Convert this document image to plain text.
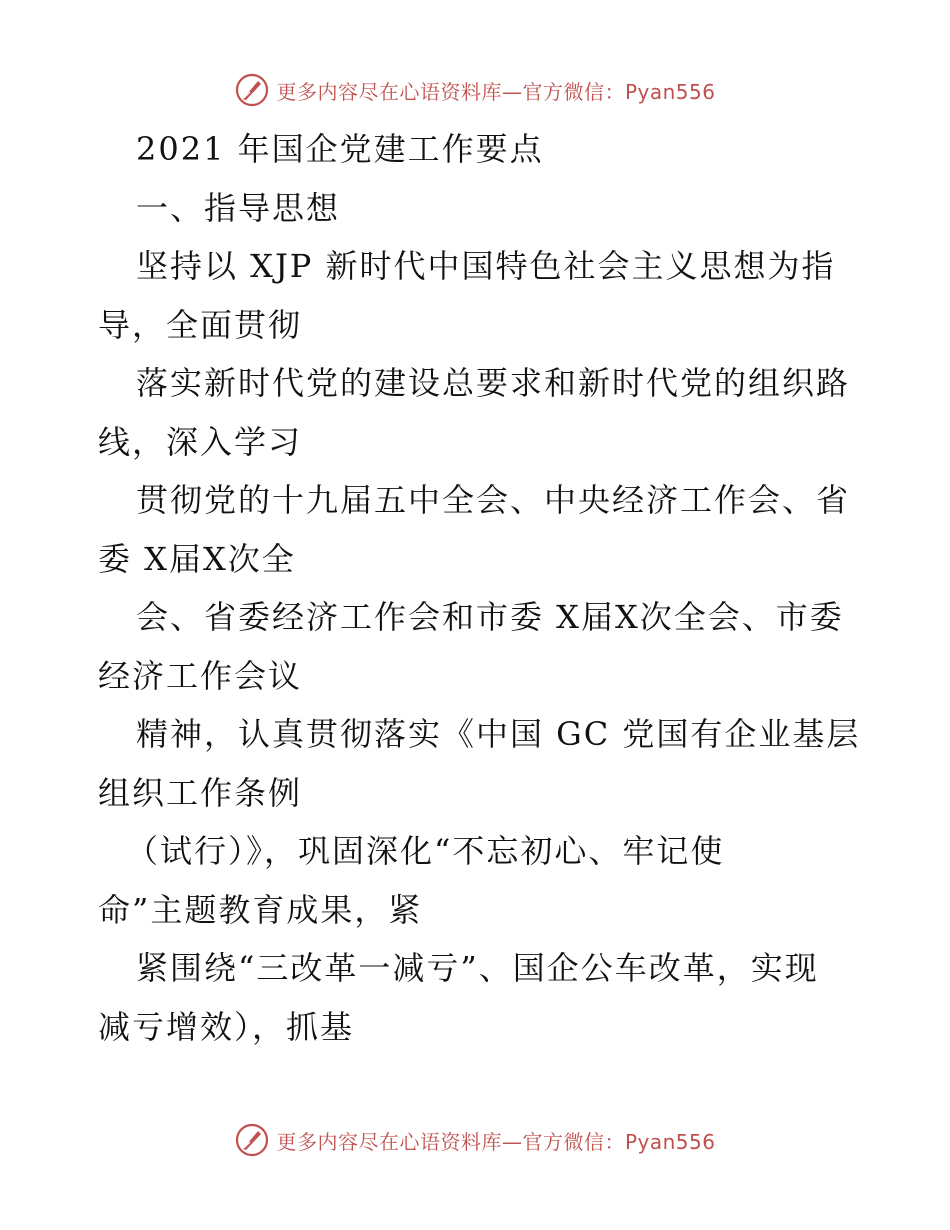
更多内容尽在心语资料库—官方微信：Pyan556
2021 年国企党建工作要点
一、指导思想
坚持以 XJP 新时代中国特色社会主义思想为指
导，全面贯彻
落实新时代党的建设总要求和新时代党的组织路
线，深入学习
贯彻党的十九届五中全会、中央经济工作会、省
委 X届X次全
会、省委经济工作会和市委 X届X次全会、市委
经济工作会议
精神，认真贯彻落实《中国 GC 党国有企业基层
组织工作条例
（试行）》，巩固深化“不忘初心、牢记使
命”主题教育成果，紧
紧围绕“三改革一减亏”、国企公车改革，实现
减亏增效），抓基
更多内容尽在心语资料库—官方微信：Pyan556
